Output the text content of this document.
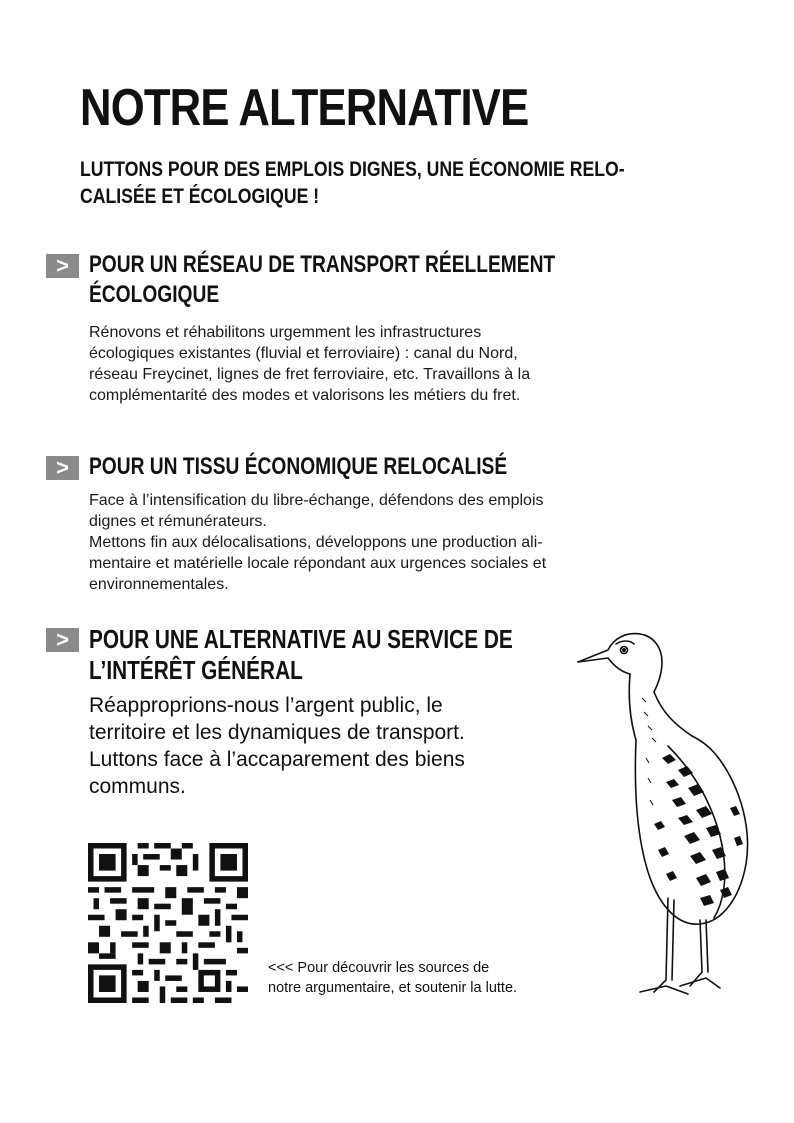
NOTRE ALTERNATIVE
LUTTONS POUR DES EMPLOIS DIGNES, UNE ÉCONOMIE RELO-
CALISÉE ET ÉCOLOGIQUE !
> POUR UN RÉSEAU DE TRANSPORT RÉELLEMENT
ÉCOLOGIQUE
Rénovons et réhabilitons urgemment les infrastructures
écologiques existantes (fluvial et ferroviaire) : canal du Nord,
réseau Freycinet, lignes de fret ferroviaire, etc. Travaillons à la
complémentarité des modes et valorisons les métiers du fret.
> POUR UN TISSU ÉCONOMIQUE RELOCALISÉ
Face à l’intensification du libre-échange, défendons des emplois
dignes et rémunérateurs.
Mettons fin aux délocalisations, développons une production ali-
mentaire et matérielle locale répondant aux urgences sociales et
environnementales.
> POUR UNE ALTERNATIVE AU SERVICE DE
L’INTÉRÊT GÉNÉRAL
Réapproprions-nous l’argent public, le
territoire et les dynamiques de transport.
Luttons face à l’accaparement des biens
communs.
<<< Pour découvrir les sources de
notre argumentaire, et soutenir la lutte.
